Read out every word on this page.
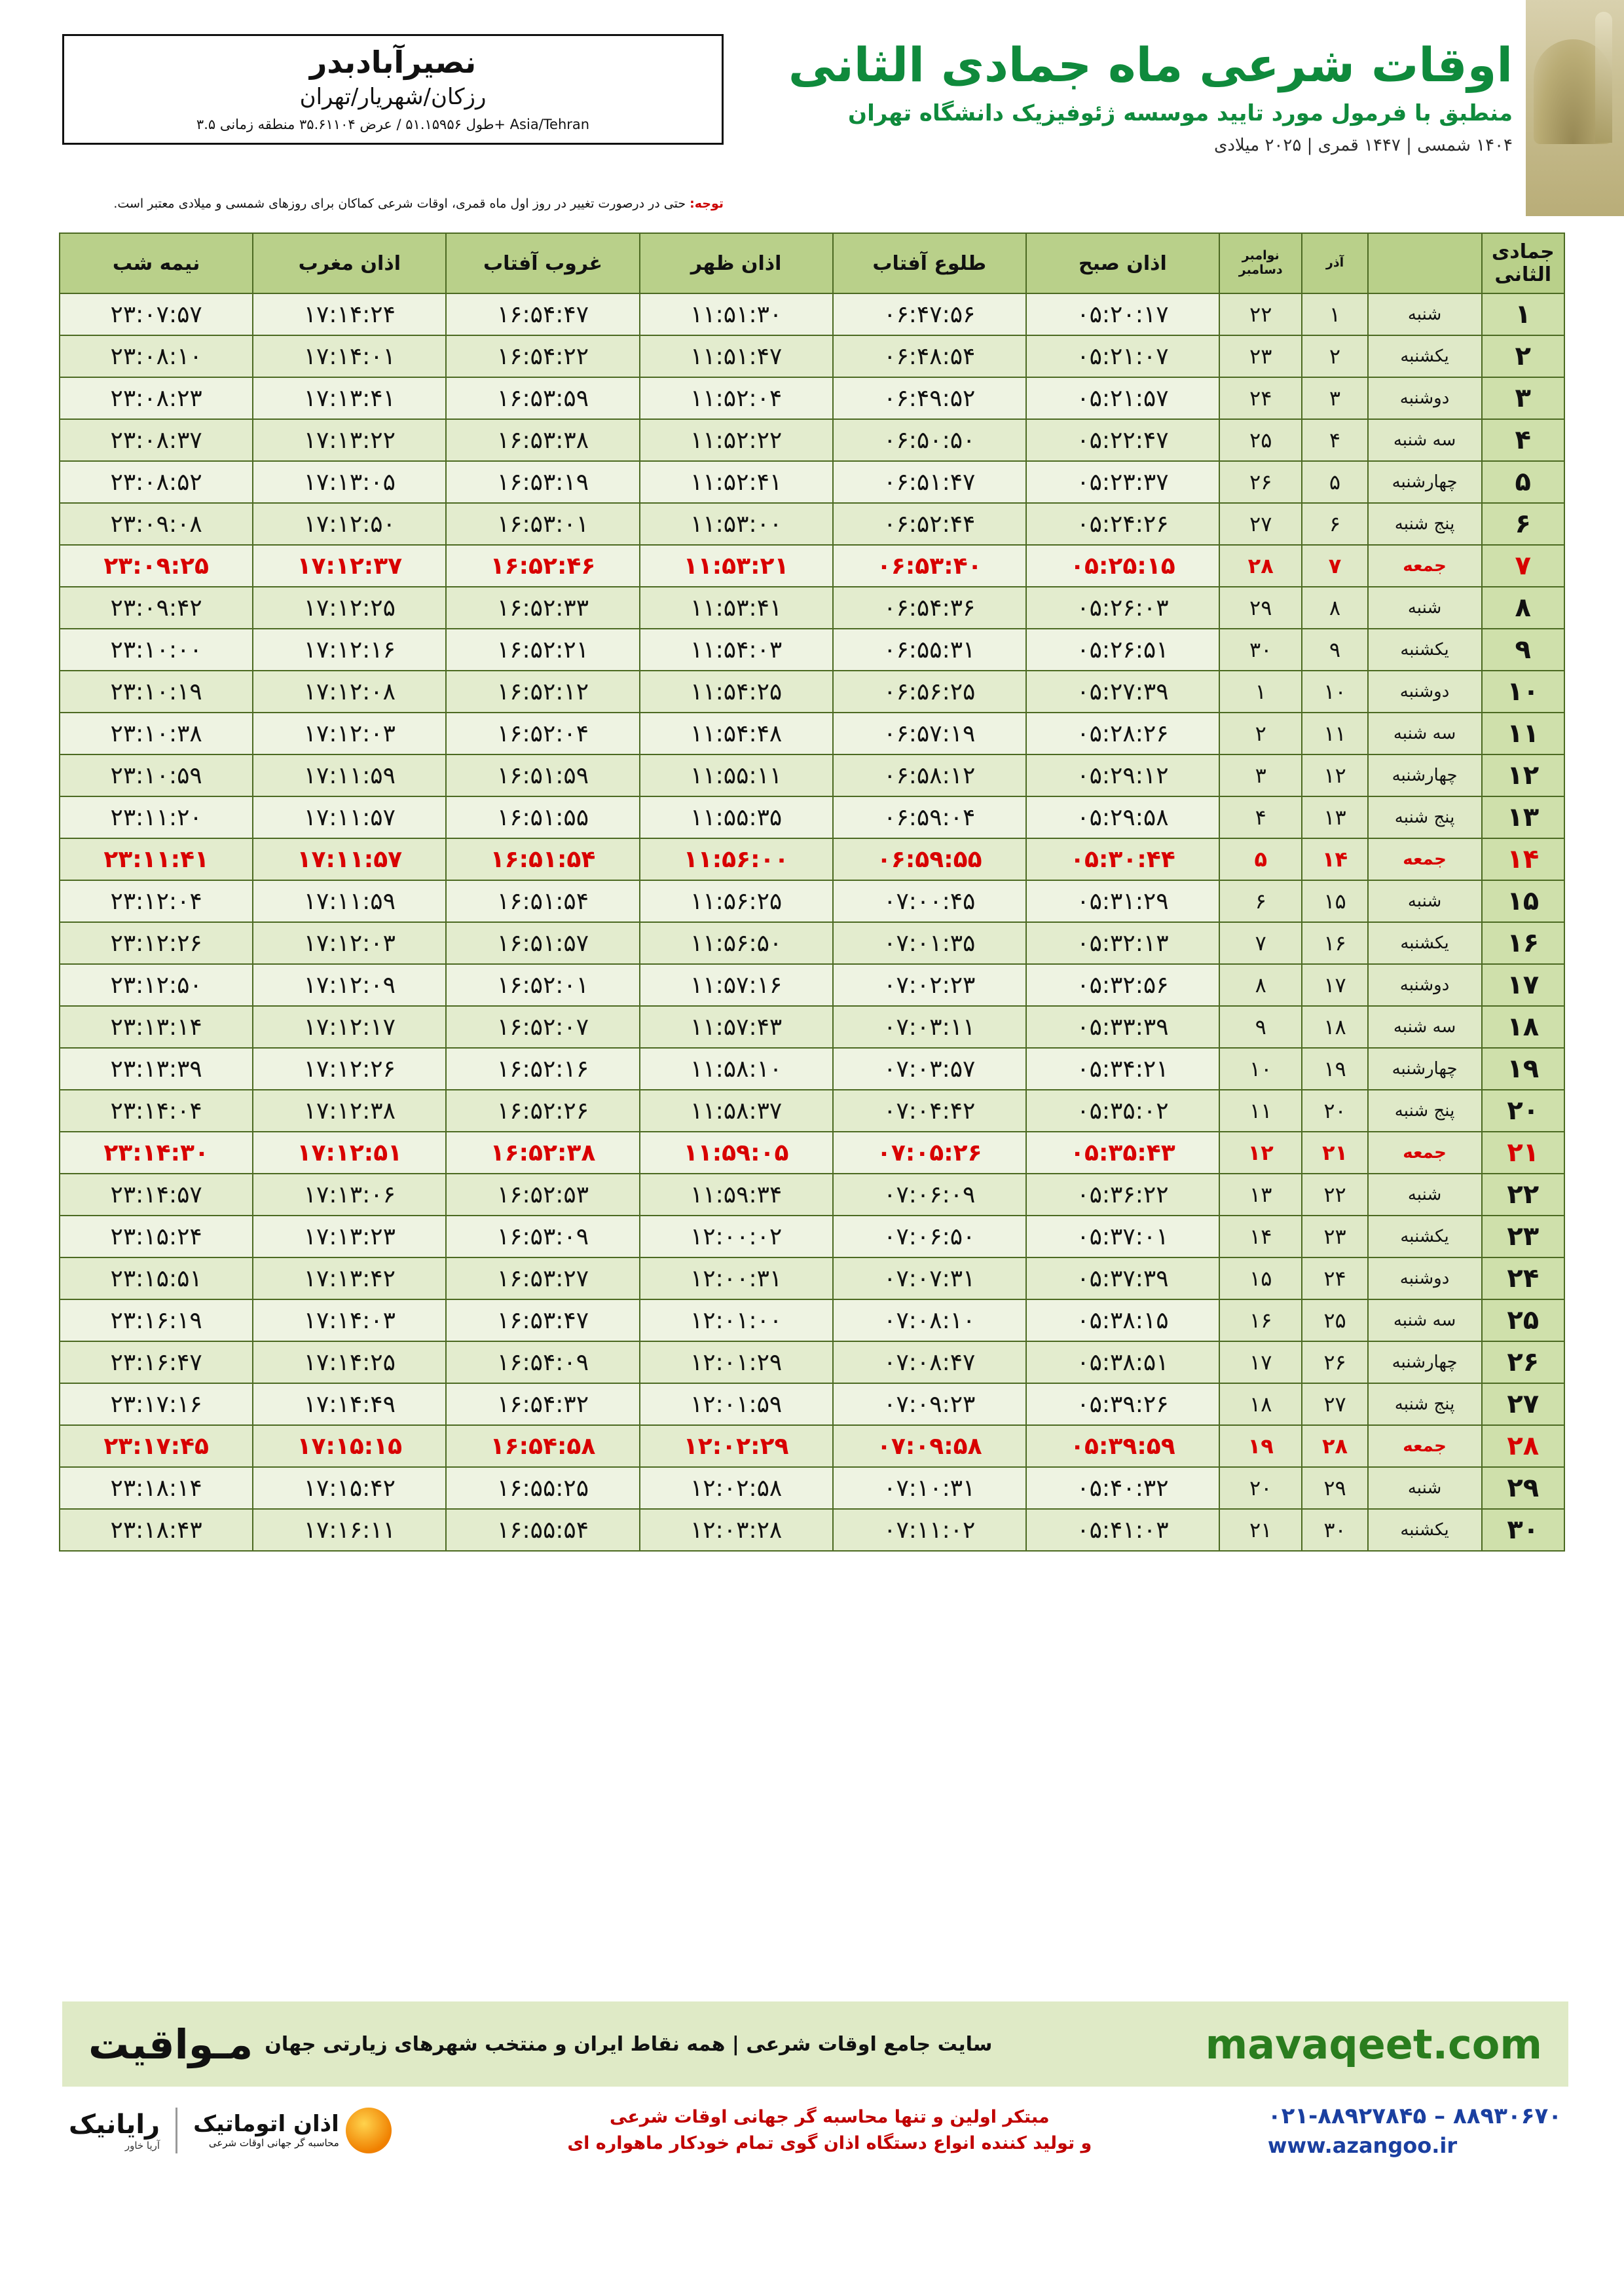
اوقات شرعی ماه جمادی الثانی
منطبق با فرمول مورد تایید موسسه ژئوفیزیک دانشگاه تهران
۱۴۰۴ شمسی | ۱۴۴۷ قمری | ۲۰۲۵ میلادی
نصیرآبادبدر
رزکان/شهریار/تهران
طول ۵۱.۱۵۹۵۶ / عرض ۳۵.۶۱۱۰۴ منطقه زمانی ۳.۵+ Asia/Tehran
توجه: حتی در درصورت تغییر در روز اول ماه قمری، اوقات شرعی کماکان برای روزهای شمسی و میلادی معتبر است.
جمادی الثانی		آذر	نوامبر دسامبر	اذان صبح	طلوع آفتاب	اذان ظهر	غروب آفتاب	اذان مغرب	نیمه شب
۱	شنبه	۱	۲۲	۰۵:۲۰:۱۷	۰۶:۴۷:۵۶	۱۱:۵۱:۳۰	۱۶:۵۴:۴۷	۱۷:۱۴:۲۴	۲۳:۰۷:۵۷
۲	یکشنبه	۲	۲۳	۰۵:۲۱:۰۷	۰۶:۴۸:۵۴	۱۱:۵۱:۴۷	۱۶:۵۴:۲۲	۱۷:۱۴:۰۱	۲۳:۰۸:۱۰
۳	دوشنبه	۳	۲۴	۰۵:۲۱:۵۷	۰۶:۴۹:۵۲	۱۱:۵۲:۰۴	۱۶:۵۳:۵۹	۱۷:۱۳:۴۱	۲۳:۰۸:۲۳
۴	سه شنبه	۴	۲۵	۰۵:۲۲:۴۷	۰۶:۵۰:۵۰	۱۱:۵۲:۲۲	۱۶:۵۳:۳۸	۱۷:۱۳:۲۲	۲۳:۰۸:۳۷
۵	چهارشنبه	۵	۲۶	۰۵:۲۳:۳۷	۰۶:۵۱:۴۷	۱۱:۵۲:۴۱	۱۶:۵۳:۱۹	۱۷:۱۳:۰۵	۲۳:۰۸:۵۲
۶	پنج شنبه	۶	۲۷	۰۵:۲۴:۲۶	۰۶:۵۲:۴۴	۱۱:۵۳:۰۰	۱۶:۵۳:۰۱	۱۷:۱۲:۵۰	۲۳:۰۹:۰۸
۷	جمعه	۷	۲۸	۰۵:۲۵:۱۵	۰۶:۵۳:۴۰	۱۱:۵۳:۲۱	۱۶:۵۲:۴۶	۱۷:۱۲:۳۷	۲۳:۰۹:۲۵
۸	شنبه	۸	۲۹	۰۵:۲۶:۰۳	۰۶:۵۴:۳۶	۱۱:۵۳:۴۱	۱۶:۵۲:۳۳	۱۷:۱۲:۲۵	۲۳:۰۹:۴۲
۹	یکشنبه	۹	۳۰	۰۵:۲۶:۵۱	۰۶:۵۵:۳۱	۱۱:۵۴:۰۳	۱۶:۵۲:۲۱	۱۷:۱۲:۱۶	۲۳:۱۰:۰۰
۱۰	دوشنبه	۱۰	۱	۰۵:۲۷:۳۹	۰۶:۵۶:۲۵	۱۱:۵۴:۲۵	۱۶:۵۲:۱۲	۱۷:۱۲:۰۸	۲۳:۱۰:۱۹
۱۱	سه شنبه	۱۱	۲	۰۵:۲۸:۲۶	۰۶:۵۷:۱۹	۱۱:۵۴:۴۸	۱۶:۵۲:۰۴	۱۷:۱۲:۰۳	۲۳:۱۰:۳۸
۱۲	چهارشنبه	۱۲	۳	۰۵:۲۹:۱۲	۰۶:۵۸:۱۲	۱۱:۵۵:۱۱	۱۶:۵۱:۵۹	۱۷:۱۱:۵۹	۲۳:۱۰:۵۹
۱۳	پنج شنبه	۱۳	۴	۰۵:۲۹:۵۸	۰۶:۵۹:۰۴	۱۱:۵۵:۳۵	۱۶:۵۱:۵۵	۱۷:۱۱:۵۷	۲۳:۱۱:۲۰
۱۴	جمعه	۱۴	۵	۰۵:۳۰:۴۴	۰۶:۵۹:۵۵	۱۱:۵۶:۰۰	۱۶:۵۱:۵۴	۱۷:۱۱:۵۷	۲۳:۱۱:۴۱
۱۵	شنبه	۱۵	۶	۰۵:۳۱:۲۹	۰۷:۰۰:۴۵	۱۱:۵۶:۲۵	۱۶:۵۱:۵۴	۱۷:۱۱:۵۹	۲۳:۱۲:۰۴
۱۶	یکشنبه	۱۶	۷	۰۵:۳۲:۱۳	۰۷:۰۱:۳۵	۱۱:۵۶:۵۰	۱۶:۵۱:۵۷	۱۷:۱۲:۰۳	۲۳:۱۲:۲۶
۱۷	دوشنبه	۱۷	۸	۰۵:۳۲:۵۶	۰۷:۰۲:۲۳	۱۱:۵۷:۱۶	۱۶:۵۲:۰۱	۱۷:۱۲:۰۹	۲۳:۱۲:۵۰
۱۸	سه شنبه	۱۸	۹	۰۵:۳۳:۳۹	۰۷:۰۳:۱۱	۱۱:۵۷:۴۳	۱۶:۵۲:۰۷	۱۷:۱۲:۱۷	۲۳:۱۳:۱۴
۱۹	چهارشنبه	۱۹	۱۰	۰۵:۳۴:۲۱	۰۷:۰۳:۵۷	۱۱:۵۸:۱۰	۱۶:۵۲:۱۶	۱۷:۱۲:۲۶	۲۳:۱۳:۳۹
۲۰	پنج شنبه	۲۰	۱۱	۰۵:۳۵:۰۲	۰۷:۰۴:۴۲	۱۱:۵۸:۳۷	۱۶:۵۲:۲۶	۱۷:۱۲:۳۸	۲۳:۱۴:۰۴
۲۱	جمعه	۲۱	۱۲	۰۵:۳۵:۴۳	۰۷:۰۵:۲۶	۱۱:۵۹:۰۵	۱۶:۵۲:۳۸	۱۷:۱۲:۵۱	۲۳:۱۴:۳۰
۲۲	شنبه	۲۲	۱۳	۰۵:۳۶:۲۲	۰۷:۰۶:۰۹	۱۱:۵۹:۳۴	۱۶:۵۲:۵۳	۱۷:۱۳:۰۶	۲۳:۱۴:۵۷
۲۳	یکشنبه	۲۳	۱۴	۰۵:۳۷:۰۱	۰۷:۰۶:۵۰	۱۲:۰۰:۰۲	۱۶:۵۳:۰۹	۱۷:۱۳:۲۳	۲۳:۱۵:۲۴
۲۴	دوشنبه	۲۴	۱۵	۰۵:۳۷:۳۹	۰۷:۰۷:۳۱	۱۲:۰۰:۳۱	۱۶:۵۳:۲۷	۱۷:۱۳:۴۲	۲۳:۱۵:۵۱
۲۵	سه شنبه	۲۵	۱۶	۰۵:۳۸:۱۵	۰۷:۰۸:۱۰	۱۲:۰۱:۰۰	۱۶:۵۳:۴۷	۱۷:۱۴:۰۳	۲۳:۱۶:۱۹
۲۶	چهارشنبه	۲۶	۱۷	۰۵:۳۸:۵۱	۰۷:۰۸:۴۷	۱۲:۰۱:۲۹	۱۶:۵۴:۰۹	۱۷:۱۴:۲۵	۲۳:۱۶:۴۷
۲۷	پنج شنبه	۲۷	۱۸	۰۵:۳۹:۲۶	۰۷:۰۹:۲۳	۱۲:۰۱:۵۹	۱۶:۵۴:۳۲	۱۷:۱۴:۴۹	۲۳:۱۷:۱۶
۲۸	جمعه	۲۸	۱۹	۰۵:۳۹:۵۹	۰۷:۰۹:۵۸	۱۲:۰۲:۲۹	۱۶:۵۴:۵۸	۱۷:۱۵:۱۵	۲۳:۱۷:۴۵
۲۹	شنبه	۲۹	۲۰	۰۵:۴۰:۳۲	۰۷:۱۰:۳۱	۱۲:۰۲:۵۸	۱۶:۵۵:۲۵	۱۷:۱۵:۴۲	۲۳:۱۸:۱۴
۳۰	یکشنبه	۳۰	۲۱	۰۵:۴۱:۰۳	۰۷:۱۱:۰۲	۱۲:۰۳:۲۸	۱۶:۵۵:۵۴	۱۷:۱۶:۱۱	۲۳:۱۸:۴۳
mavaqeet.com
سایت جامع اوقات شرعی | همه نقاط ایران و منتخب شهرهای زیارتی جهان
مـواقیت
۰۲۱-۸۸۹۲۷۸۴۵ – ۸۸۹۳۰۶۷۰
www.azangoo.ir
مبتکر اولین و تنها محاسبه گر جهانی اوقات شرعی
و تولید کننده انواع دستگاه اذان گوی تمام خودکار ماهواره ای
اذان اتوماتیک
محاسبه گر جهانی اوقات شرعی
رایانیک
آریا خاور
